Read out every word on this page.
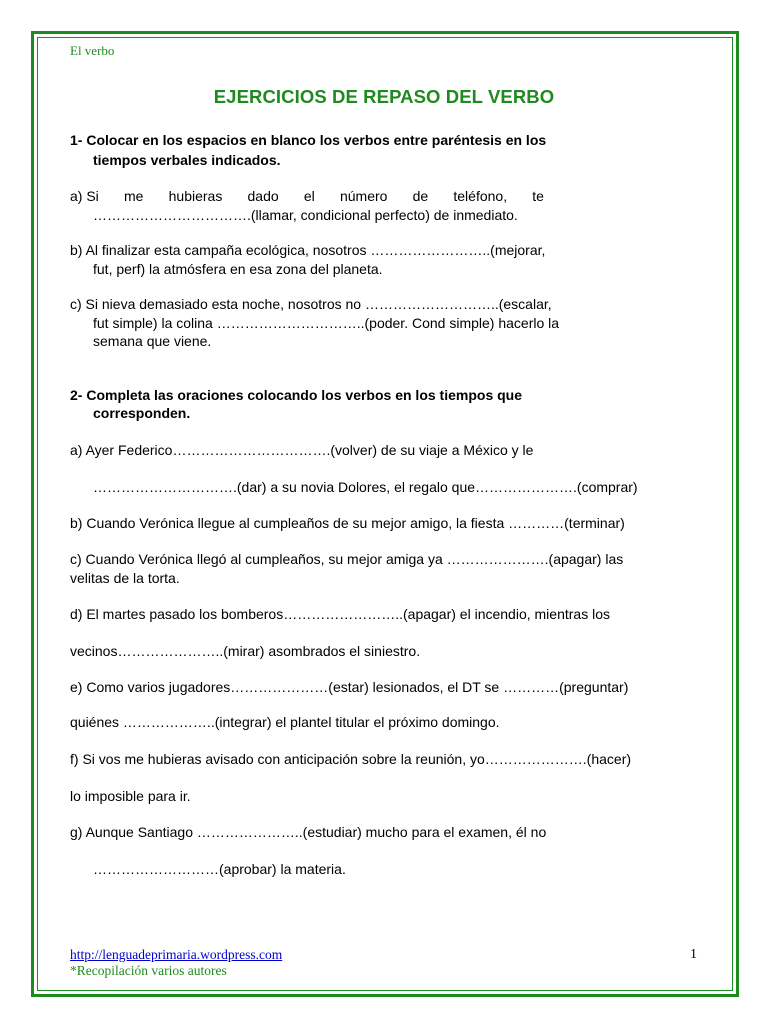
El verbo
EJERCICIOS DE REPASO DEL VERBO
1- Colocar en los espacios en blanco los verbos entre paréntesis en los
tiempos verbales indicados.
a) Si me hubieras dado el número de teléfono, te
…………………………….(llamar, condicional perfecto) de inmediato.
b) Al finalizar esta campaña ecológica, nosotros ……………………..(mejorar,
fut, perf) la atmósfera en esa zona del planeta.
c) Si nieva demasiado esta noche, nosotros no ………………………..(escalar,
fut simple) la colina …………………………..(poder. Cond simple) hacerlo la
semana que viene.
2- Completa las oraciones colocando los verbos en los tiempos que
corresponden.
a) Ayer Federico…………………………….(volver) de su viaje a México y le
………………………….(dar) a su novia Dolores, el regalo que………………….(comprar)
b) Cuando Verónica llegue al cumpleaños de su mejor amigo, la fiesta …………(terminar)
c) Cuando Verónica llegó al cumpleaños, su mejor amiga ya ………………….(apagar) las
velitas de la torta.
d) El martes pasado los bomberos……………………..(apagar) el incendio, mientras los
vecinos…………………..(mirar) asombrados el siniestro.
e) Como varios jugadores…………………(estar) lesionados, el DT se …………(preguntar)
quiénes ………………..(integrar) el plantel titular el próximo domingo.
f) Si vos me hubieras avisado con anticipación sobre la reunión, yo………………….(hacer)
lo imposible para ir.
g) Aunque Santiago …………………..(estudiar) mucho para el examen, él no
………………………(aprobar) la materia.
http://lenguadeprimaria.wordpress.com
*Recopilación varios autores
1
